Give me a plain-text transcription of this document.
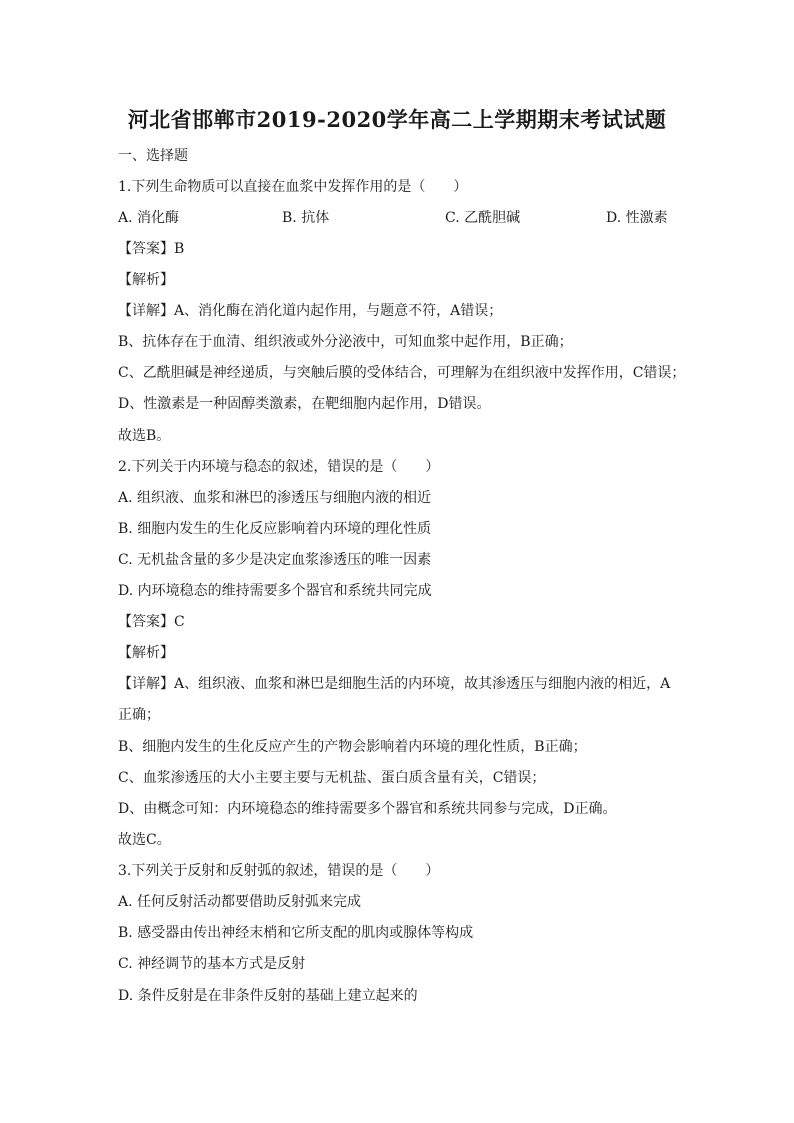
河北省邯郸市2019-2020学年高二上学期期末考试试题
一、选择题
1.下列生命物质可以直接在血浆中发挥作用的是（　　）
A. 消化酶	B. 抗体	C. 乙酰胆碱	D. 性激素
【答案】B
【解析】
【详解】A、消化酶在消化道内起作用，与题意不符，A错误；
B、抗体存在于血清、组织液或外分泌液中，可知血浆中起作用，B正确；
C、乙酰胆碱是神经递质，与突触后膜的受体结合，可理解为在组织液中发挥作用，C错误；
D、性激素是一种固醇类激素，在靶细胞内起作用，D错误。
故选B。
2.下列关于内环境与稳态的叙述，错误的是（　　）
A. 组织液、血浆和淋巴的渗透压与细胞内液的相近
B. 细胞内发生的生化反应影响着内环境的理化性质
C. 无机盐含量的多少是决定血浆渗透压的唯一因素
D. 内环境稳态的维持需要多个器官和系统共同完成
【答案】C
【解析】
【详解】A、组织液、血浆和淋巴是细胞生活的内环境，故其渗透压与细胞内液的相近，A
正确；
B、细胞内发生的生化反应产生的产物会影响着内环境的理化性质，B正确；
C、血浆渗透压的大小主要主要与无机盐、蛋白质含量有关，C错误；
D、由概念可知：内环境稳态的维持需要多个器官和系统共同参与完成，D正确。
故选C。
3.下列关于反射和反射弧的叙述，错误的是（　　）
A. 任何反射活动都要借助反射弧来完成
B. 感受器由传出神经末梢和它所支配的肌肉或腺体等构成
C. 神经调节的基本方式是反射
D. 条件反射是在非条件反射的基础上建立起来的
